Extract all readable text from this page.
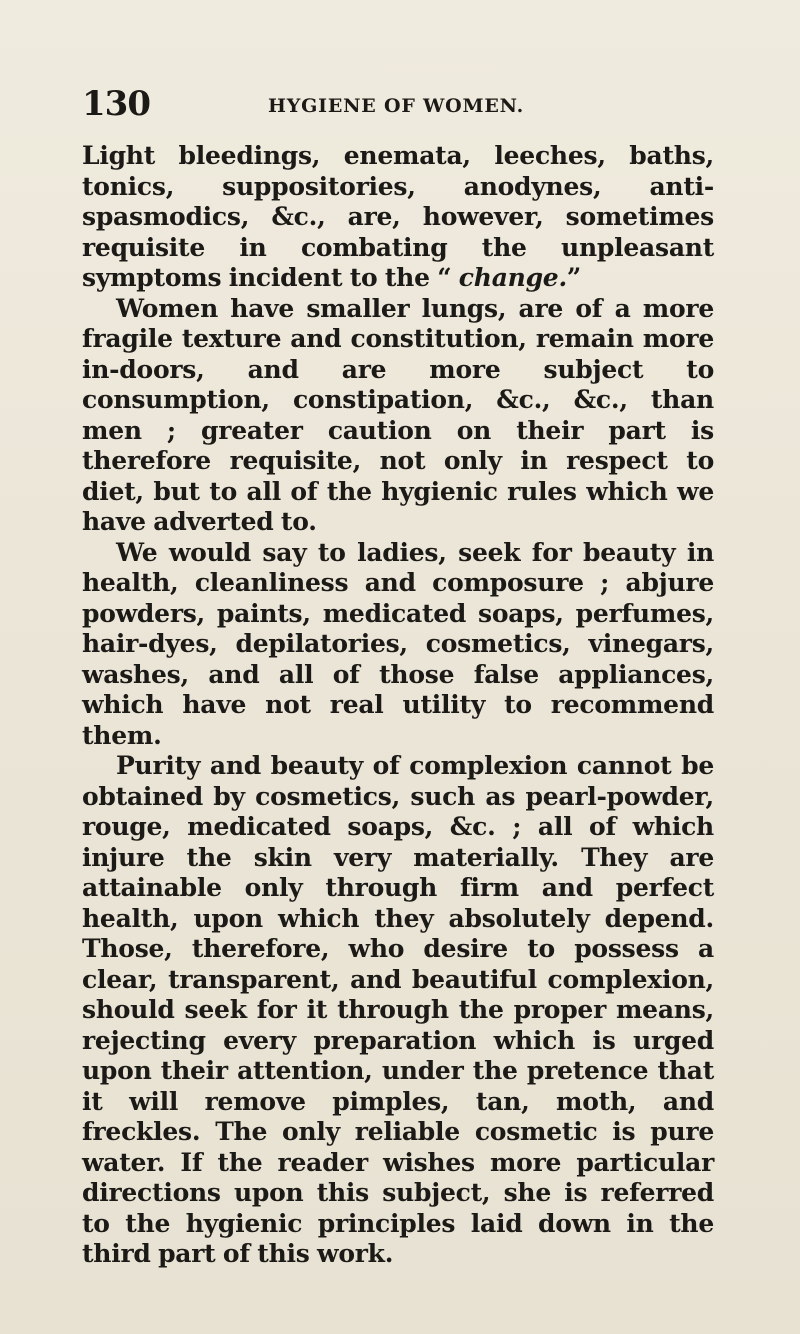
130	HYGIENE OF WOMEN.

Light bleedings, enemata, leeches, baths, tonics, suppositories, anodynes, anti-spasmodics, &c., are, however, sometimes requisite in combating the unpleasant symptoms incident to the “ change.”

Women have smaller lungs, are of a more fragile texture and constitution, remain more in-doors, and are more subject to consumption, constipation, &c., &c., than men ; greater caution on their part is therefore requisite, not only in respect to diet, but to all of the hygienic rules which we have adverted to.

We would say to ladies, seek for beauty in health, cleanliness and composure ; abjure powders, paints, medicated soaps, perfumes, hair-dyes, depilatories, cosmetics, vinegars, washes, and all of those false appliances, which have not real utility to recommend them.

Purity and beauty of complexion cannot be obtained by cosmetics, such as pearl-powder, rouge, medicated soaps, &c. ; all of which injure the skin very materially. They are attainable only through firm and perfect health, upon which they absolutely depend. Those, therefore, who desire to possess a clear, transparent, and beautiful complexion, should seek for it through the proper means, rejecting every preparation which is urged upon their attention, under the pretence that it will remove pimples, tan, moth, and freckles. The only reliable cosmetic is pure water. If the reader wishes more particular directions upon this subject, she is referred to the hygienic principles laid down in the third part of this work.
